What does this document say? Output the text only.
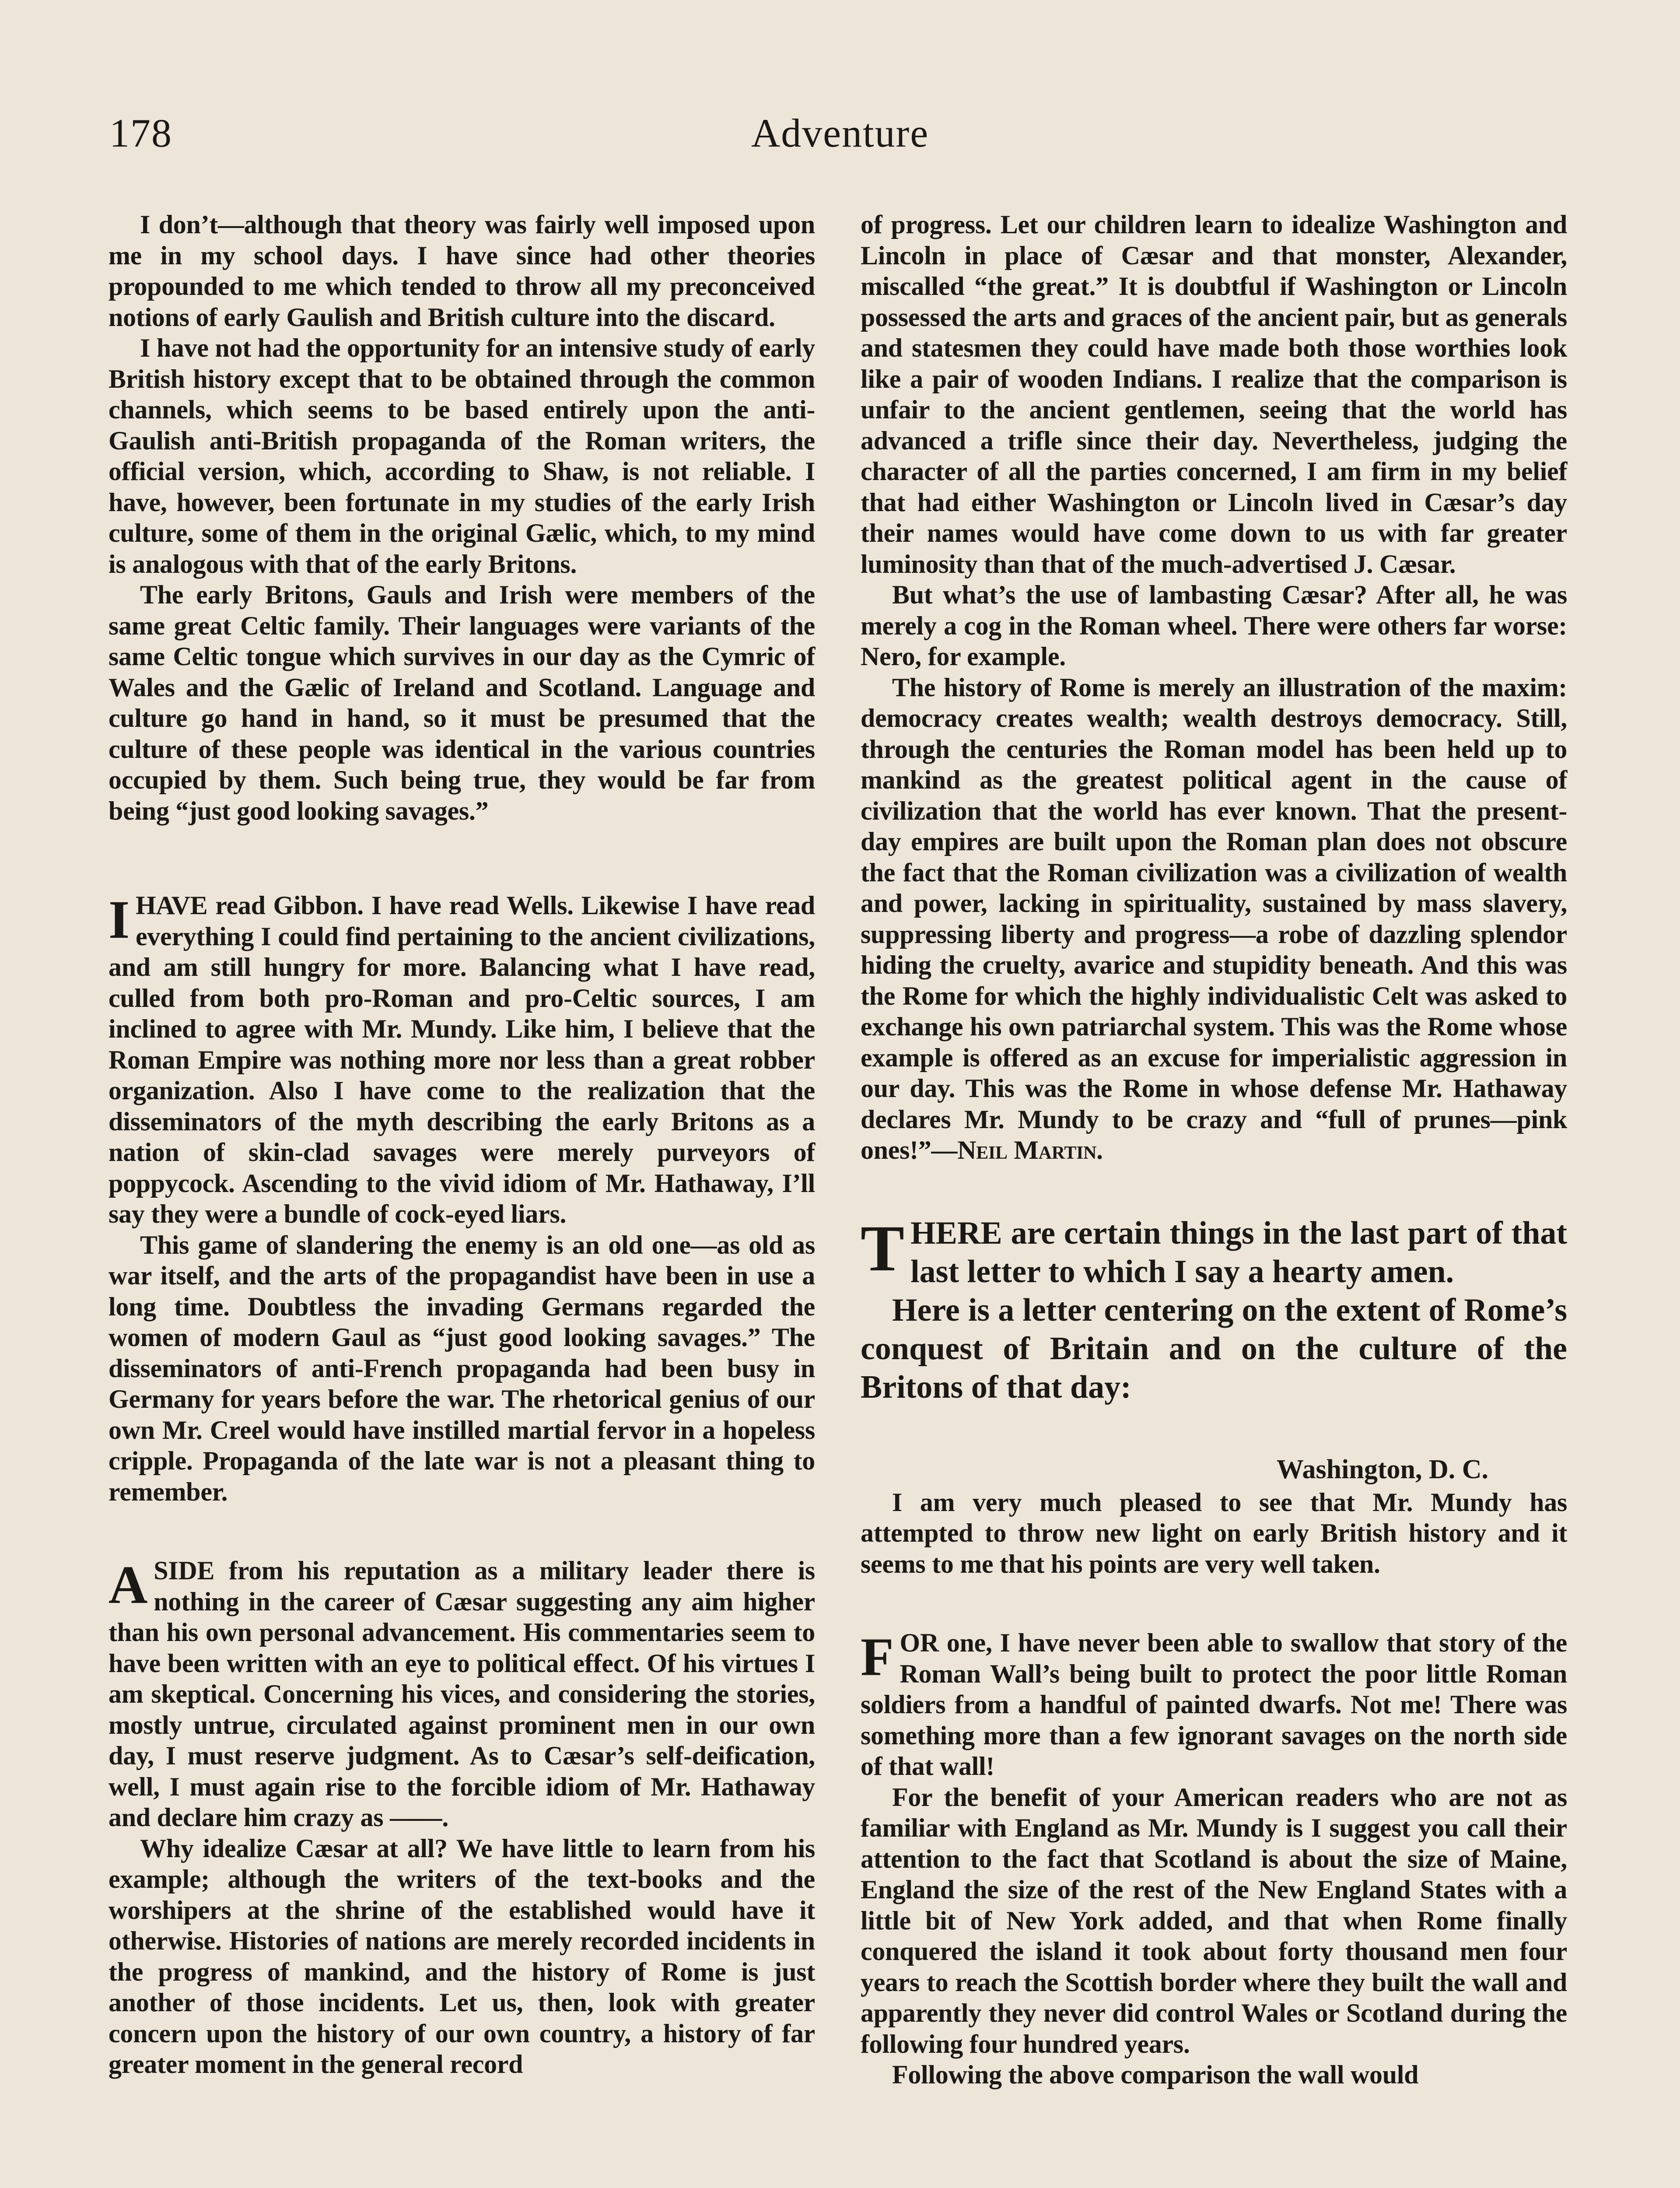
178	Adventure

I don’t—although that theory was fairly well imposed upon me in my school days. I have since had other theories propounded to me which tended to throw all my preconceived notions of early Gaulish and British culture into the discard.

I have not had the opportunity for an intensive study of early British history except that to be obtained through the common channels, which seems to be based entirely upon the anti-Gaulish anti-British propaganda of the Roman writers, the official version, which, according to Shaw, is not reliable. I have, however, been fortunate in my studies of the early Irish culture, some of them in the original Gælic, which, to my mind is analogous with that of the early Britons.

The early Britons, Gauls and Irish were members of the same great Celtic family. Their languages were variants of the same Celtic tongue which survives in our day as the Cymric of Wales and the Gælic of Ireland and Scotland. Language and culture go hand in hand, so it must be presumed that the culture of these people was identical in the various countries occupied by them. Such being true, they would be far from being “just good looking savages.”

I HAVE read Gibbon. I have read Wells. Likewise I have read everything I could find pertaining to the ancient civilizations, and am still hungry for more. Balancing what I have read, culled from both pro-Roman and pro-Celtic sources, I am inclined to agree with Mr. Mundy. Like him, I believe that the Roman Empire was nothing more nor less than a great robber organization. Also I have come to the realization that the disseminators of the myth describing the early Britons as a nation of skin-clad savages were merely purveyors of poppycock. Ascending to the vivid idiom of Mr. Hathaway, I’ll say they were a bundle of cock-eyed liars.

This game of slandering the enemy is an old one—as old as war itself, and the arts of the propagandist have been in use a long time. Doubtless the invading Germans regarded the women of modern Gaul as “just good looking savages.” The disseminators of anti-French propaganda had been busy in Germany for years before the war. The rhetorical genius of our own Mr. Creel would have instilled martial fervor in a hopeless cripple. Propaganda of the late war is not a pleasant thing to remember.

ASIDE from his reputation as a military leader there is nothing in the career of Cæsar suggesting any aim higher than his own personal advancement. His commentaries seem to have been written with an eye to political effect. Of his virtues I am skeptical. Concerning his vices, and considering the stories, mostly untrue, circulated against prominent men in our own day, I must reserve judgment. As to Cæsar’s self-deification, well, I must again rise to the forcible idiom of Mr. Hathaway and declare him crazy as ——.

Why idealize Cæsar at all? We have little to learn from his example; although the writers of the text-books and the worshipers at the shrine of the established would have it otherwise. Histories of nations are merely recorded incidents in the progress of mankind, and the history of Rome is just another of those incidents. Let us, then, look with greater concern upon the history of our own country, a history of far greater moment in the general record

of progress. Let our children learn to idealize Washington and Lincoln in place of Cæsar and that monster, Alexander, miscalled “the great.” It is doubtful if Washington or Lincoln possessed the arts and graces of the ancient pair, but as generals and statesmen they could have made both those worthies look like a pair of wooden Indians. I realize that the comparison is unfair to the ancient gentlemen, seeing that the world has advanced a trifle since their day. Nevertheless, judging the character of all the parties concerned, I am firm in my belief that had either Washington or Lincoln lived in Cæsar’s day their names would have come down to us with far greater luminosity than that of the much-advertised J. Cæsar.

But what’s the use of lambasting Cæsar? After all, he was merely a cog in the Roman wheel. There were others far worse: Nero, for example.

The history of Rome is merely an illustration of the maxim: democracy creates wealth; wealth destroys democracy. Still, through the centuries the Roman model has been held up to mankind as the greatest political agent in the cause of civilization that the world has ever known. That the present-day empires are built upon the Roman plan does not obscure the fact that the Roman civilization was a civilization of wealth and power, lacking in spirituality, sustained by mass slavery, suppressing liberty and progress—a robe of dazzling splendor hiding the cruelty, avarice and stupidity beneath. And this was the Rome for which the highly individualistic Celt was asked to exchange his own patriarchal system. This was the Rome whose example is offered as an excuse for imperialistic aggression in our day. This was the Rome in whose defense Mr. Hathaway declares Mr. Mundy to be crazy and “full of prunes—pink ones!”—Neil Martin.

THERE are certain things in the last part of that last letter to which I say a hearty amen.

Here is a letter centering on the extent of Rome’s conquest of Britain and on the culture of the Britons of that day:

Washington, D. C.

I am very much pleased to see that Mr. Mundy has attempted to throw new light on early British history and it seems to me that his points are very well taken.

FOR one, I have never been able to swallow that story of the Roman Wall’s being built to protect the poor little Roman soldiers from a handful of painted dwarfs. Not me! There was something more than a few ignorant savages on the north side of that wall!

For the benefit of your American readers who are not as familiar with England as Mr. Mundy is I suggest you call their attention to the fact that Scotland is about the size of Maine, England the size of the rest of the New England States with a little bit of New York added, and that when Rome finally conquered the island it took about forty thousand men four years to reach the Scottish border where they built the wall and apparently they never did control Wales or Scotland during the following four hundred years.

Following the above comparison the wall would
